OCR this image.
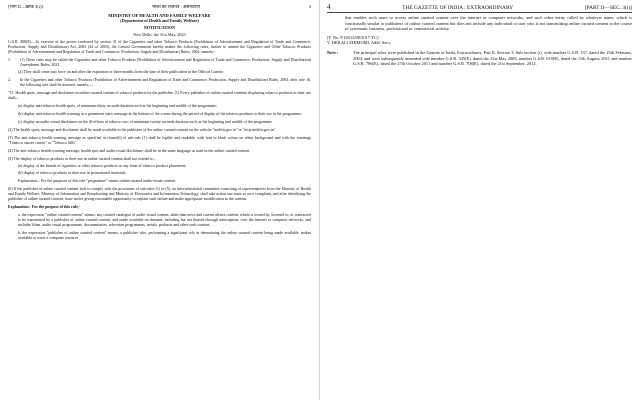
[भाग II—खण्ड 3(i)]	भारत का राजपत्र : असाधारण	3
MINISTRY OF HEALTH AND FAMILY WELFARE
(Department of Health and Family Welfare)
NOTIFICATION
New Delhi, the 31st May, 2023
G.S.R. 408(E).—In exercise of the power conferred by section 31 of the Cigarettes and other Tobacco Products (Prohibition of Advertisement and Regulation of Trade and Commerce, Production, Supply and Distribution) Act, 2003 (34 of 2003), the Central Government hereby makes the following rules, further to amend the Cigarettes and Other Tobacco Products (Prohibition of Advertisement and Regulation of Trade and Commerce, Production, Supply and Distribution) Rules, 2004, namely:-
1.	(1) These rules may be called the Cigarettes and other Tobacco Products (Prohibition of Advertisement and Regulation of Trade and Commerce, Production, Supply and Distribution) Amendment Rules, 2023.
(2) They shall come into force on and after the expiration of three months from the date of their publication in the Official Gazette.
2.	In the Cigarettes and other Tobacco Products (Prohibition of Advertisement and Regulation of Trade and Commerce, Production, Supply and Distribution) Rules, 2004, after rule 10, the following rule shall be inserted, namely,—
"11. Health spots, message and disclaimer in online curated content of tobacco products by the publisher. (1) Every publisher of online curated contents displaying tobacco products or their use shall,–
(a) display anti-tobacco health spots, of minimum thirty seconds duration each at the beginning and middle of the programme;
(b) display anti-tobacco health warning as a prominent static message at the bottom of the screen during the period of display of the tobacco products or their use in the programme;
(c) display an audio-visual disclaimer on the ill-effects of tobacco use, of minimum twenty seconds duration each, at the beginning and middle of the programme.
(2) The health spots, message and disclaimer shall be made available to the publisher of the online curated content on the website "mohfw.gov.in" or "ntcp.mohfw.gov.in".
(3) The anti-tobacco health warning message as specified in clause(b) of sub-rule (1) shall be legible and readable, with font in black colour on white background and with the warnings "Tobacco causes cancer" or "Tobacco kills".
(4) The anti-tobacco health-warning message, health spot and audio-visual disclaimer, shall be in the same language as used in the online curated content.
(5) The display of tobacco products or their use in online curated content shall not extend to –
(a) display of the brands of cigarettes or other tobacco products or any form of tobacco product placement;
(b) display of tobacco products or their use in promotional materials.
Explanation.– For the purposes of this rule "programme" means online curated audio-visual content.
(6) If the publisher of online curated content fails to comply with the provisions of sub-rules (1) to (5), an inter-ministerial committee consisting of representatives from the Ministry of Health and Family Welfare, Ministry of Information and Broadcasting and Ministry of Electronics and Information Technology, shall take action suo moto or on a complaint, and after identifying the publisher of online curated content, issue notice giving reasonable opportunity to explain such failure and make appropriate modification in the content.
Explanation.- For the purpose of this rule,-
a. the expression "online curated content" means, any curated catalogue of audio-visual content, other than news and current affairs content, which is owned by, licensed to, or contracted to be transmitted by a publisher of online curated content, and made available on demand, including but not limited through subscription, over the internet or computer networks, and includes films, audio visual programmes, documentaries, television programmes, serials, podcasts and other such content;
b. the expression "publisher of online curated content" means, a publisher who, performing a significant role in determining the online curated content being made available, makes available to users a computer resource
4	THE GAZETTE OF INDIA : EXTRAORDINARY	[PART II—SEC. 3(i)]
that enables such users to access online curated content over the internet or computer networks, and such other entity called by whatever name, which is functionally similar to publishers of online curated content but does not include any individual or user who is not transmitting online curated content in the course of systematic business, professional or commercial activity.
[F. No. P.16012/98/2017-TC]
V. HEKALI ZHIMOMI, Addl. Secy.
Note :	The principal rules were published in the Gazette of India, Extraordinary, Part II, Section 3, Sub-section (i), vide number G.S.R. 137, dated the 25th February, 2004, and were subsequently amended vide number G.S.R. 345(E), dated the 31st May 2005, number G.S.R. 619(E), dated the 11th August, 2011 and number G.S.R. 786(E), dated the 27th October 2011 and number G.S.R. 708(E), dated the 21st September, 2012.
